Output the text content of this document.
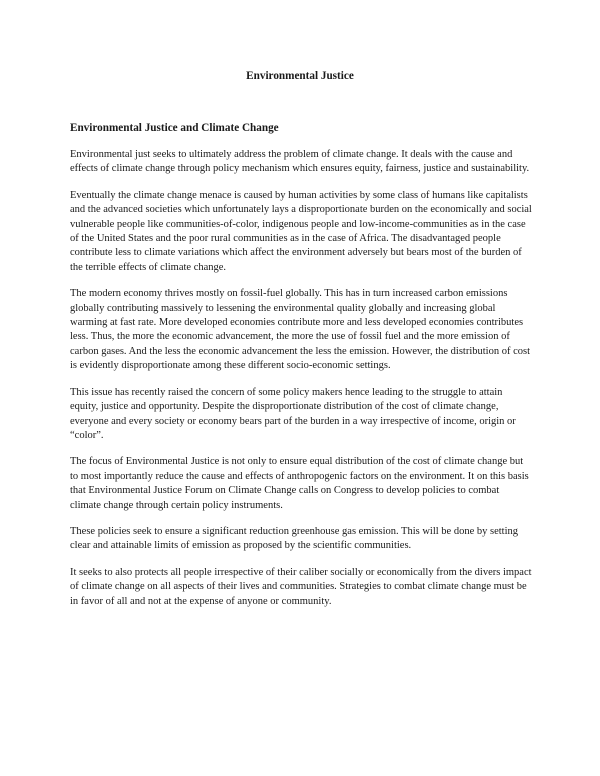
Environmental Justice
Environmental Justice and Climate Change

Environmental just seeks to ultimately address the problem of climate change. It deals with the cause and effects of climate change through policy mechanism which ensures equity, fairness, justice and sustainability.

Eventually the climate change menace is caused by human activities by some class of humans like capitalists and the advanced societies which unfortunately lays a disproportionate burden on the economically and social vulnerable people like communities-of-color, indigenous people and low-income-communities as in the case of the United States and the poor rural communities as in the case of Africa. The disadvantaged people contribute less to climate variations which affect the environment adversely but bears most of the burden of the terrible effects of climate change.

The modern economy thrives mostly on fossil-fuel globally. This has in turn increased carbon emissions globally contributing massively to lessening the environmental quality globally and increasing global warming at fast rate. More developed economies contribute more and less developed economies contributes less. Thus, the more the economic advancement, the more the use of fossil fuel and the more emission of carbon gases. And the less the economic advancement the less the emission. However, the distribution of cost is evidently disproportionate among these different socio-economic settings.

This issue has recently raised the concern of some policy makers hence leading to the struggle to attain equity, justice and opportunity. Despite the disproportionate distribution of the cost of climate change, everyone and every society or economy bears part of the burden in a way irrespective of income, origin or “color”.

The focus of Environmental Justice is not only to ensure equal distribution of the cost of climate change but to most importantly reduce the cause and effects of anthropogenic factors on the environment. It on this basis that Environmental Justice Forum on Climate Change calls on Congress to develop policies to combat climate change through certain policy instruments.

These policies seek to ensure a significant reduction greenhouse gas emission. This will be done by setting clear and attainable limits of emission as proposed by the scientific communities.

It seeks to also protects all people irrespective of their caliber socially or economically from the divers impact of climate change on all aspects of their lives and communities. Strategies to combat climate change must be in favor of all and not at the expense of anyone or community.
